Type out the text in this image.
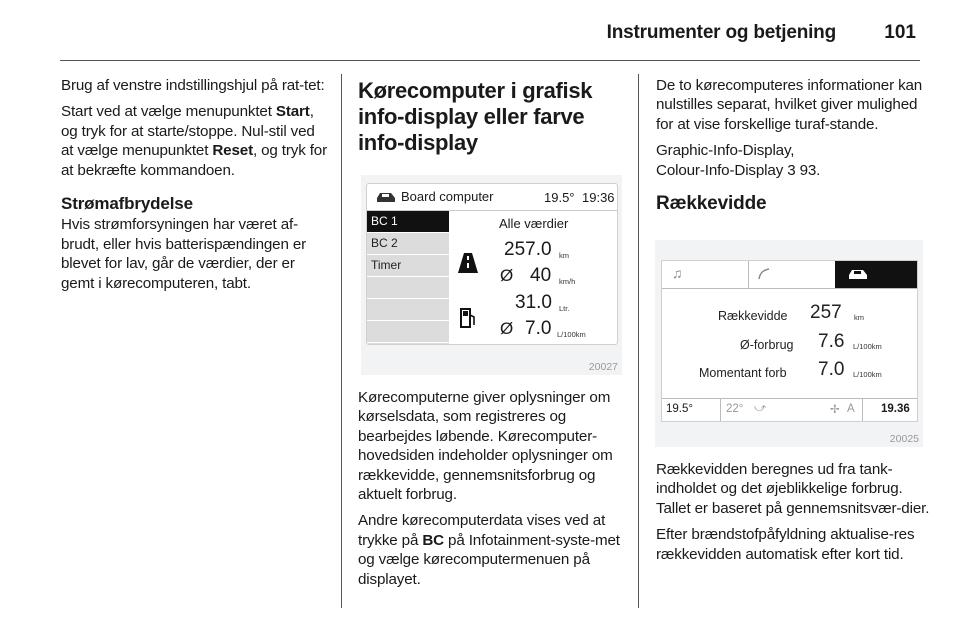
Instrumenter og betjening	101

Brug af venstre indstillingshjul på rat-tet:

Start ved at vælge menupunktet Start, og tryk for at starte/stoppe. Nul-stil ved at vælge menupunktet Reset, og tryk for at bekræfte kommandoen.

Strømafbrydelse

Hvis strømforsyningen har været af-brudt, eller hvis batterispændingen er blevet for lav, går de værdier, der er gemt i kørecomputeren, tabt.

Kørecomputer i grafisk info-display eller farve info-display
Board computer	19.5° 19:36
BC 1
BC 2
Timer
Alle værdier
257.0 km
Ø 40 km/h
31.0 Ltr.
Ø 7.0 L/100km
20027

Kørecomputerne giver oplysninger om kørselsdata, som registreres og bearbejdes løbende. Kørecomputer-hovedsiden indeholder oplysninger om rækkevidde, gennemsnitsforbrug og aktuelt forbrug.

Andre kørecomputerdata vises ved at trykke på BC på Infotainment-syste-met og vælge kørecomputermenuen på displayet.

De to kørecomputeres informationer kan nulstilles separat, hvilket giver mulighed for at vise forskellige turaf-stande.

Graphic-Info-Display,

Colour-Info-Display 3 93.

Rækkevidde
♫
Rækkevidde 257 km
Ø-forbrug 7.6 L/100km
Momentant forb 7.0 L/100km
19.5°	22° ⤻	✢ A 19.36
20025

Rækkevidden beregnes ud fra tank-indholdet og det øjeblikkelige forbrug. Tallet er baseret på gennemsnitsvær-dier.

Efter brændstofpåfyldning aktualise-res rækkevidden automatisk efter kort tid.
